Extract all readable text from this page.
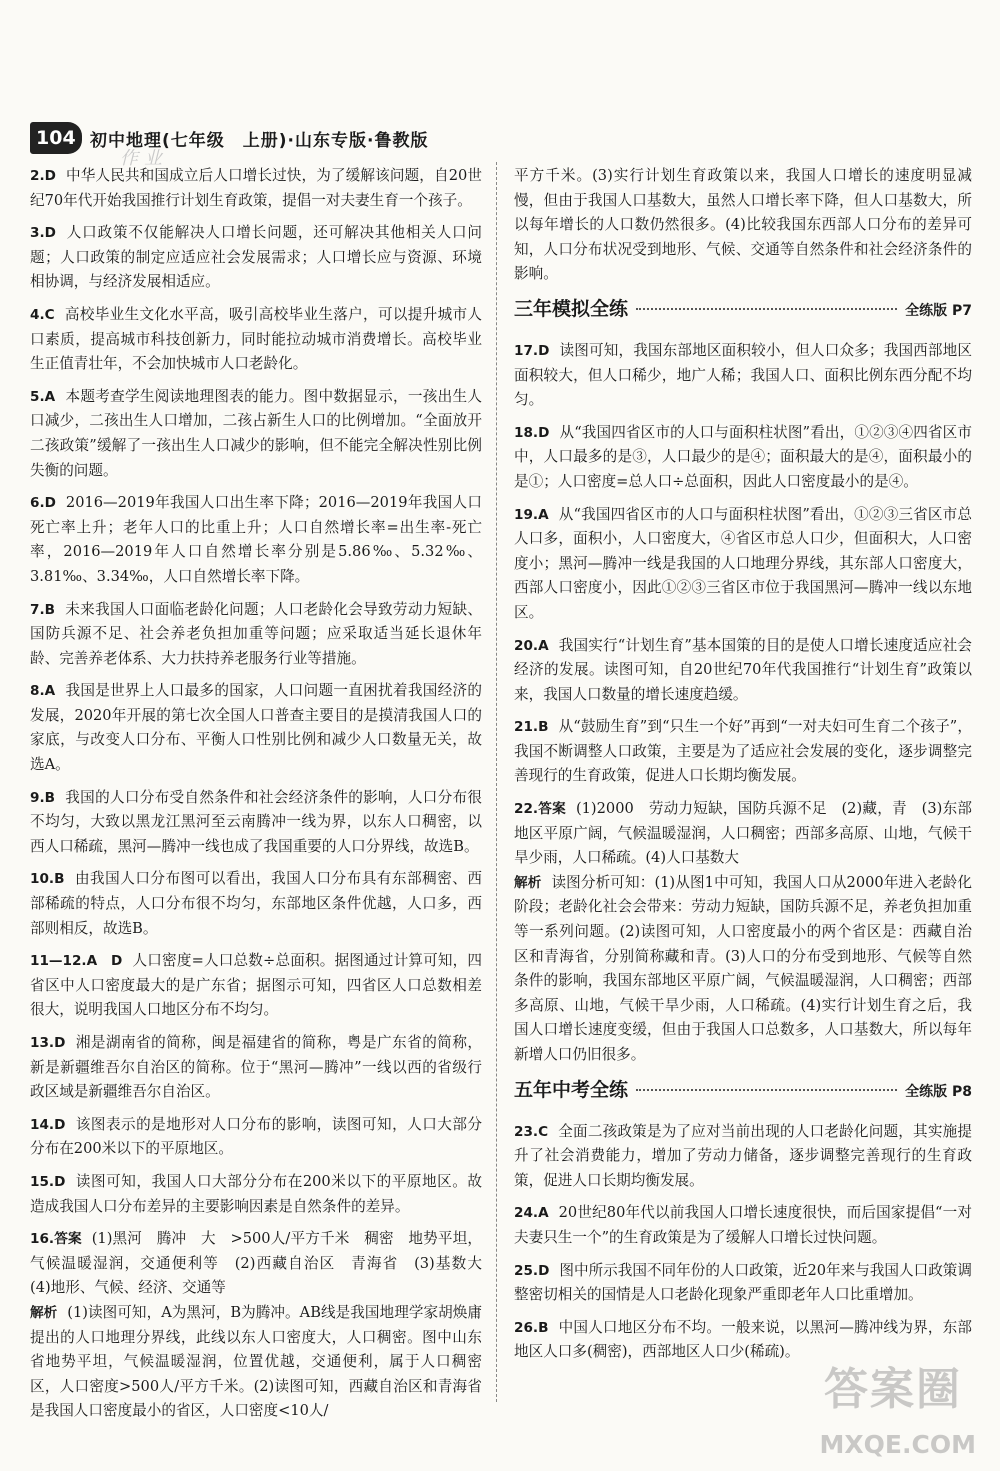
104 初中地理(七年级　上册)·山东专版·鲁教版
作业
2.D 中华人民共和国成立后人口增长过快，为了缓解该问题，自20世纪70年代开始我国推行计划生育政策，提倡一对夫妻生育一个孩子。
3.D 人口政策不仅能解决人口增长问题，还可解决其他相关人口问题；人口政策的制定应适应社会发展需求；人口增长应与资源、环境相协调，与经济发展相适应。
4.C 高校毕业生文化水平高，吸引高校毕业生落户，可以提升城市人口素质，提高城市科技创新力，同时能拉动城市消费增长。高校毕业生正值青壮年，不会加快城市人口老龄化。
5.A 本题考查学生阅读地理图表的能力。图中数据显示，一孩出生人口减少，二孩出生人口增加，二孩占新生人口的比例增加。“全面放开二孩政策”缓解了一孩出生人口减少的影响，但不能完全解决性别比例失衡的问题。
6.D 2016—2019年我国人口出生率下降；2016—2019年我国人口死亡率上升；老年人口的比重上升；人口自然增长率=出生率-死亡率，2016—2019年人口自然增长率分别是5.86‰、5.32‰、3.81‰、3.34‰，人口自然增长率下降。
7.B 未来我国人口面临老龄化问题；人口老龄化会导致劳动力短缺、国防兵源不足、社会养老负担加重等问题；应采取适当延长退休年龄、完善养老体系、大力扶持养老服务行业等措施。
8.A 我国是世界上人口最多的国家，人口问题一直困扰着我国经济的发展，2020年开展的第七次全国人口普查主要目的是摸清我国人口的家底，与改变人口分布、平衡人口性别比例和减少人口数量无关，故选A。
9.B 我国的人口分布受自然条件和社会经济条件的影响，人口分布很不均匀，大致以黑龙江黑河至云南腾冲一线为界，以东人口稠密，以西人口稀疏，黑河—腾冲一线也成了我国重要的人口分界线，故选B。
10.B 由我国人口分布图可以看出，我国人口分布具有东部稠密、西部稀疏的特点，人口分布很不均匀，东部地区条件优越，人口多，西部则相反，故选B。
11—12.A　D 人口密度=人口总数÷总面积。据图通过计算可知，四省区中人口密度最大的是广东省；据图示可知，四省区人口总数相差很大，说明我国人口地区分布不均匀。
13.D 湘是湖南省的简称，闽是福建省的简称，粤是广东省的简称，新是新疆维吾尔自治区的简称。位于“黑河—腾冲”一线以西的省级行政区域是新疆维吾尔自治区。
14.D 该图表示的是地形对人口分布的影响，读图可知，人口大部分分布在200米以下的平原地区。
15.D 读图可知，我国人口大部分分布在200米以下的平原地区。故造成我国人口分布差异的主要影响因素是自然条件的差异。
16.答案 (1)黑河　腾冲　大　>500人/平方千米　稠密　地势平坦，气候温暖湿润，交通便利等　(2)西藏自治区　青海省　(3)基数大　(4)地形、气候、经济、交通等
解析 (1)读图可知，A为黑河，B为腾冲。AB线是我国地理学家胡焕庸提出的人口地理分界线，此线以东人口密度大，人口稠密。图中山东省地势平坦，气候温暖湿润，位置优越，交通便利，属于人口稠密区，人口密度>500人/平方千米。(2)读图可知，西藏自治区和青海省是我国人口密度最小的省区，人口密度<10人/
平方千米。(3)实行计划生育政策以来，我国人口增长的速度明显减慢，但由于我国人口基数大，虽然人口增长率下降，但人口基数大，所以每年增长的人口数仍然很多。(4)比较我国东西部人口分布的差异可知，人口分布状况受到地形、气候、交通等自然条件和社会经济条件的影响。
三年模拟全练	全练版 P7
17.D 读图可知，我国东部地区面积较小，但人口众多；我国西部地区面积较大，但人口稀少，地广人稀；我国人口、面积比例东西分配不均匀。
18.D 从“我国四省区市的人口与面积柱状图”看出，①②③④四省区市中，人口最多的是③，人口最少的是④；面积最大的是④，面积最小的是①；人口密度=总人口÷总面积，因此人口密度最小的是④。
19.A 从“我国四省区市的人口与面积柱状图”看出，①②③三省区市总人口多，面积小，人口密度大，④省区市总人口少，但面积大，人口密度小；黑河—腾冲一线是我国的人口地理分界线，其东部人口密度大，西部人口密度小，因此①②③三省区市位于我国黑河—腾冲一线以东地区。
20.A 我国实行“计划生育”基本国策的目的是使人口增长速度适应社会经济的发展。读图可知，自20世纪70年代我国推行“计划生育”政策以来，我国人口数量的增长速度趋缓。
21.B 从“鼓励生育”到“只生一个好”再到“一对夫妇可生育二个孩子”，我国不断调整人口政策，主要是为了适应社会发展的变化，逐步调整完善现行的生育政策，促进人口长期均衡发展。
22.答案 (1)2000　劳动力短缺，国防兵源不足　(2)藏，青　(3)东部地区平原广阔，气候温暖湿润，人口稠密；西部多高原、山地，气候干旱少雨，人口稀疏。(4)人口基数大
解析 读图分析可知：(1)从图1中可知，我国人口从2000年进入老龄化阶段；老龄化社会会带来：劳动力短缺，国防兵源不足，养老负担加重等一系列问题。(2)读图可知，人口密度最小的两个省区是：西藏自治区和青海省，分别简称藏和青。(3)人口的分布受到地形、气候等自然条件的影响，我国东部地区平原广阔，气候温暖湿润，人口稠密；西部多高原、山地，气候干旱少雨，人口稀疏。(4)实行计划生育之后，我国人口增长速度变缓，但由于我国人口总数多，人口基数大，所以每年新增人口仍旧很多。
五年中考全练	全练版 P8
23.C 全面二孩政策是为了应对当前出现的人口老龄化问题，其实施提升了社会消费能力，增加了劳动力储备，逐步调整完善现行的生育政策，促进人口长期均衡发展。
24.A 20世纪80年代以前我国人口增长速度很快，而后国家提倡“一对夫妻只生一个”的生育政策是为了缓解人口增长过快问题。
25.D 图中所示我国不同年份的人口政策，近20年来与我国人口政策调整密切相关的国情是人口老龄化现象严重即老年人口比重增加。
26.B 中国人口地区分布不均。一般来说，以黑河—腾冲线为界，东部地区人口多(稠密)，西部地区人口少(稀疏)。
答案圈
MXQE.COM
